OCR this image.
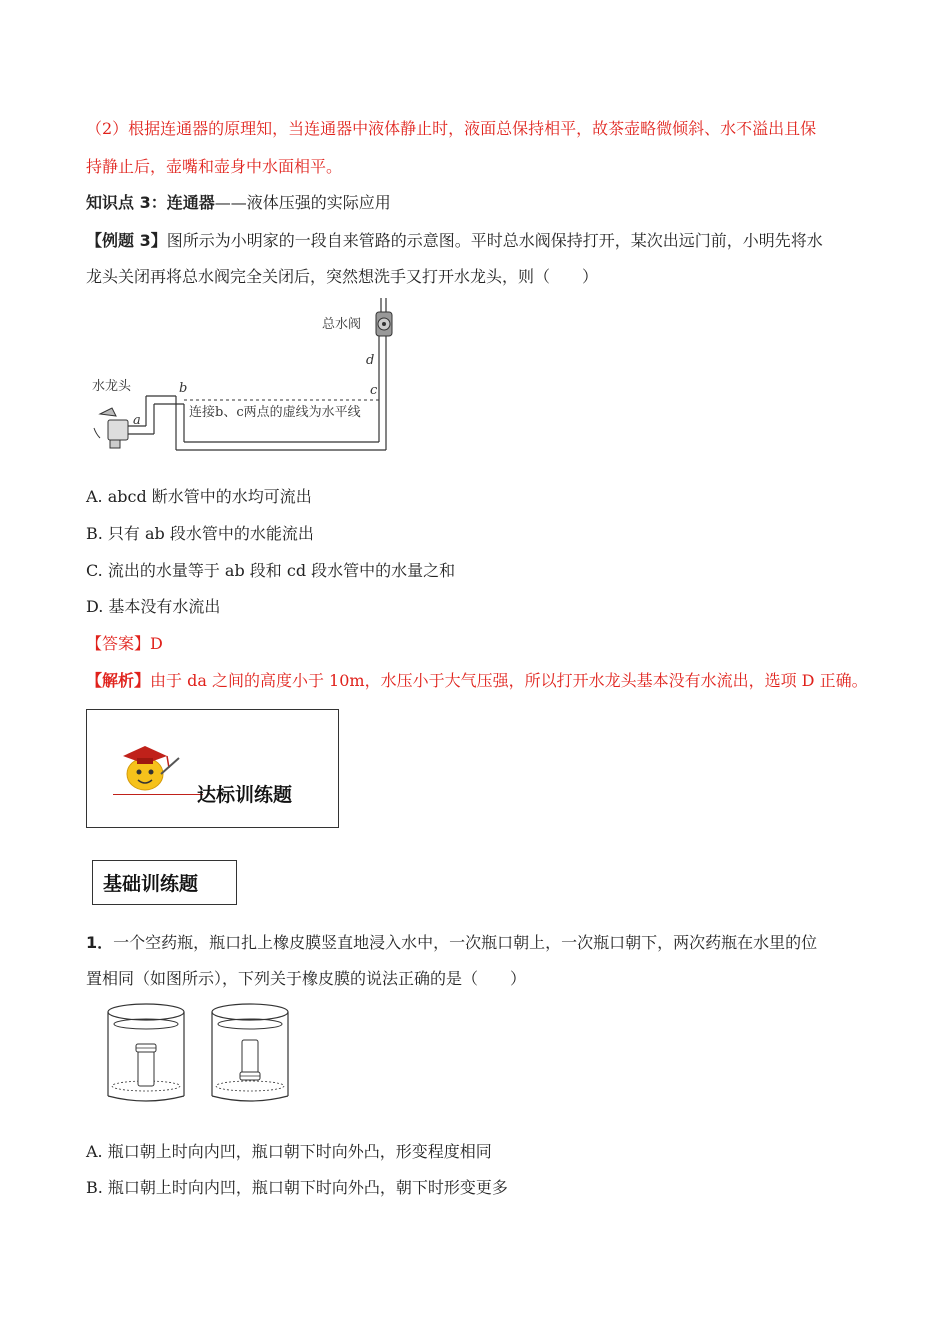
（2）根据连通器的原理知，当连通器中液体静止时，液面总保持相平，故茶壶略微倾斜、水不溢出且保
持静止后，壶嘴和壶身中水面相平。
知识点 3：连通器——液体压强的实际应用
【例题 3】图所示为小明家的一段自来管路的示意图。平时总水阀保持打开，某次出远门前，小明先将水
龙头关闭再将总水阀完全关闭后，突然想洗手又打开水龙头，则（　　）
总水阀
d
c
a
b
连接b、c两点的虚线为水平线
水龙头
A. abcd 断水管中的水均可流出
B. 只有 ab 段水管中的水能流出
C. 流出的水量等于 ab 段和 cd 段水管中的水量之和
D. 基本没有水流出
【答案】D
【解析】由于 da 之间的高度小于 10m，水压小于大气压强，所以打开水龙头基本没有水流出，选项 D 正确。
达标训练题
基础训练题
1．一个空药瓶，瓶口扎上橡皮膜竖直地浸入水中，一次瓶口朝上，一次瓶口朝下，两次药瓶在水里的位
置相同（如图所示），下列关于橡皮膜的说法正确的是（　　）
A. 瓶口朝上时向内凹，瓶口朝下时向外凸，形变程度相同
B. 瓶口朝上时向内凹，瓶口朝下时向外凸，朝下时形变更多
